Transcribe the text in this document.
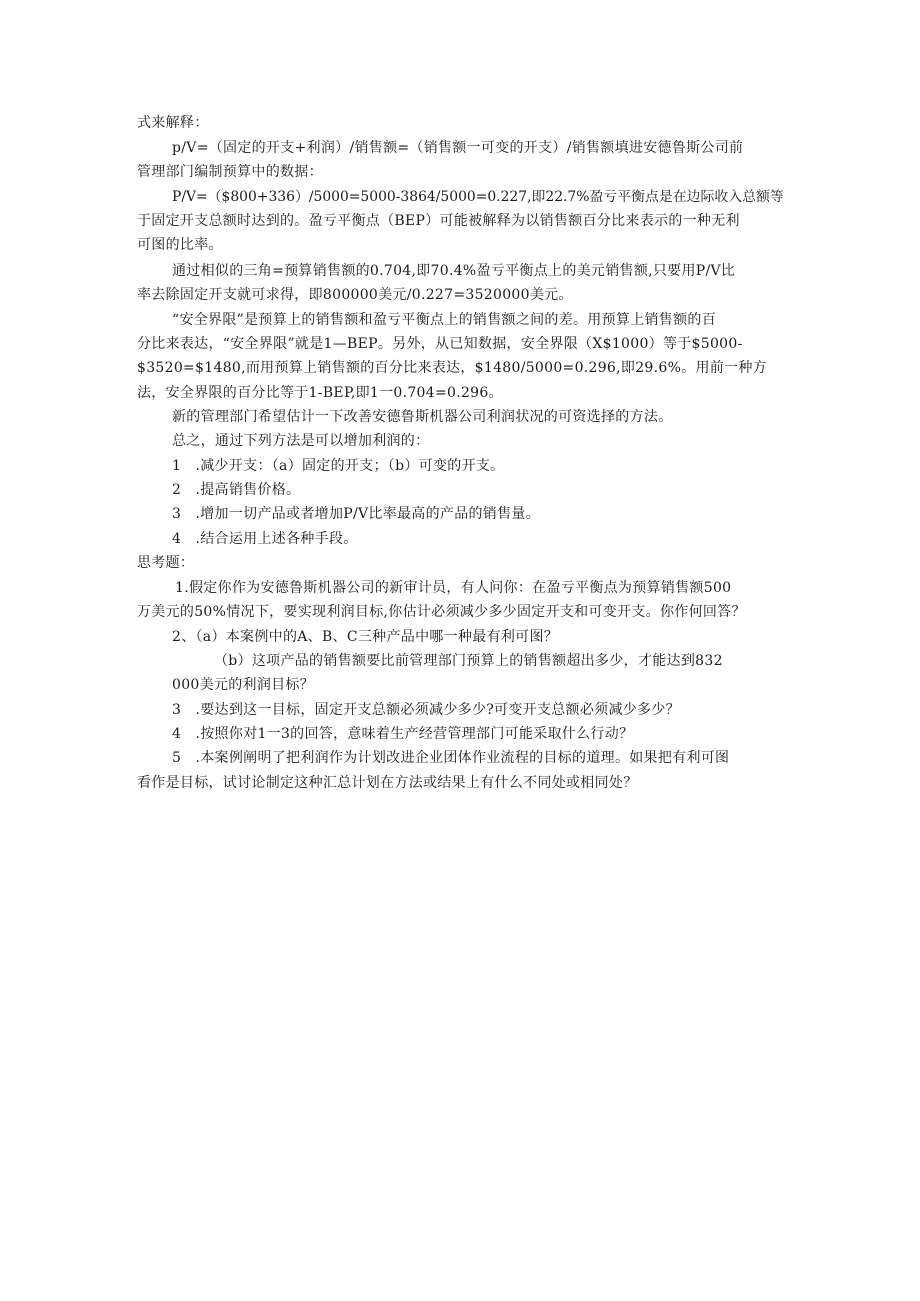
式来解释：
p/V=（固定的开支+利润）/销售额=（销售额一可变的开支）/销售额填进安德鲁斯公司前
管理部门编制预算中的数据：
P/V=（$800+336）/5000=5000-3864/5000=0.227,即22.7%盈亏平衡点是在边际收入总额等
于固定开支总额时达到的。盈亏平衡点（BEP）可能被解释为以销售额百分比来表示的一种无利
可图的比率。
通过相似的三角=预算销售额的0.704,即70.4%盈亏平衡点上的美元销售额,只要用P/V比
率去除固定开支就可求得，即800000美元/0.227=3520000美元。
“安全界限”是预算上的销售额和盈亏平衡点上的销售额之间的差。用预算上销售额的百
分比来表达，“安全界限”就是1—BEP。另外，从已知数据，安全界限（X$1000）等于$5000-
$3520=$1480,而用预算上销售额的百分比来表达，$1480/5000=0.296,即29.6%。用前一种方
法，安全界限的百分比等于1-BEP,即1一0.704=0.296。
新的管理部门希望估计一下改善安德鲁斯机器公司利润状况的可资选择的方法。
总之，通过下列方法是可以增加利润的：
1　.减少开支：（a）固定的开支；（b）可变的开支。
2　.提高销售价格。
3　.增加一切产品或者增加P/V比率最高的产品的销售量。
4　.结合运用上述各种手段。
思考题：
1.假定你作为安德鲁斯机器公司的新审计员，有人问你：在盈亏平衡点为预算销售额500
万美元的50%情况下，要实现利润目标,你估计必须减少多少固定开支和可变开支。你作何回答？
2、（a）本案例中的A、B、C三种产品中哪一种最有利可图？
（b）这项产品的销售额要比前管理部门预算上的销售额超出多少，才能达到832
000美元的利润目标？
3　.要达到这一目标，固定开支总额必须减少多少?可变开支总额必须减少多少？
4　.按照你对1一3的回答，意味着生产经营管理部门可能采取什么行动？
5　.本案例阐明了把利润作为计划改进企业团体作业流程的目标的道理。如果把有利可图
看作是目标，试讨论制定这种汇总计划在方法或结果上有什么不同处或相同处？
